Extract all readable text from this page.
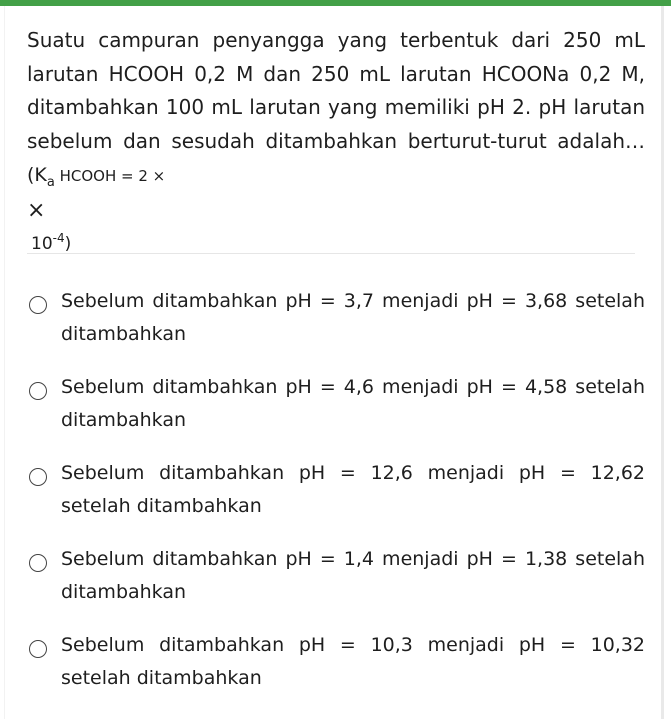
Suatu campuran penyangga yang terbentuk dari 250 mL larutan HCOOH 0,2 M dan 250 mL larutan HCOONa 0,2 M, ditambahkan 100 mL larutan yang memiliki pH 2. pH larutan sebelum dan sesudah ditambahkan berturut-turut adalah… ($K_a$ HCOOH = 2 ×
×
$10^{-4}$)

Sebelum ditambahkan pH = 3,7 menjadi pH = 3,68 setelah ditambahkan

Sebelum ditambahkan pH = 4,6 menjadi pH = 4,58 setelah ditambahkan

Sebelum ditambahkan pH = 12,6 menjadi pH = 12,62 setelah ditambahkan

Sebelum ditambahkan pH = 1,4 menjadi pH = 1,38 setelah ditambahkan

Sebelum ditambahkan pH = 10,3 menjadi pH = 10,32 setelah ditambahkan
